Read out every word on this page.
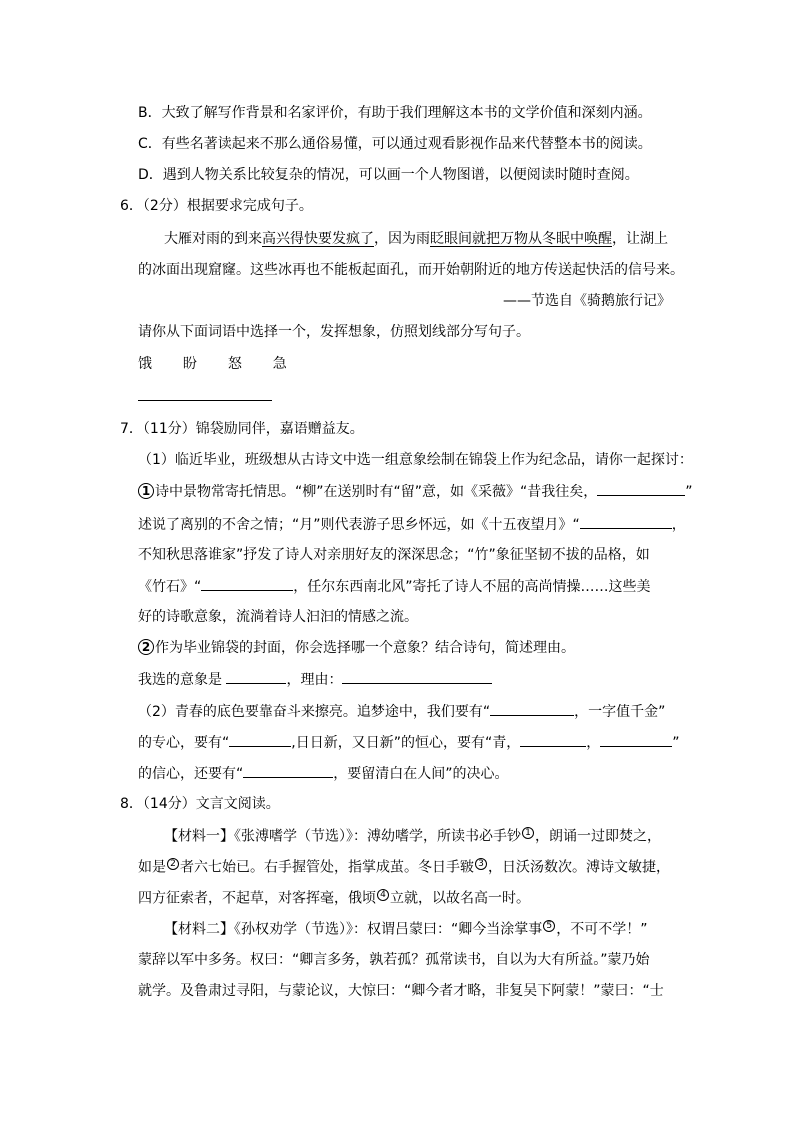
B．大致了解写作背景和名家评价，有助于我们理解这本书的文学价值和深刻内涵。
C．有些名著读起来不那么通俗易懂，可以通过观看影视作品来代替整本书的阅读。
D．遇到人物关系比较复杂的情况，可以画一个人物图谱，以便阅读时随时查阅。
6．（2分）根据要求完成句子。
大雁对雨的到来高兴得快要发疯了，因为雨眨眼间就把万物从冬眠中唤醒，让湖上
的冰面出现窟窿。这些冰再也不能板起面孔，而开始朝附近的地方传送起快活的信号来。
——节选自《骑鹅旅行记》
请你从下面词语中选择一个，发挥想象，仿照划线部分写句子。
饿 盼 怒 急
7．（11分）锦袋励同伴，嘉语赠益友。
（1）临近毕业，班级想从古诗文中选一组意象绘制在锦袋上作为纪念品，请你一起探讨：
1 诗中景物常寄托情思。“柳”在送别时有“留”意，如《采薇》“昔我往矣，	”
述说了离别的不舍之情；“月”则代表游子思乡怀远，如《十五夜望月》“	，
不知秋思落谁家”抒发了诗人对亲朋好友的深深思念；“竹”象征坚韧不拔的品格，如
《竹石》“	，任尔东西南北风”寄托了诗人不屈的高尚情操……这些美
好的诗歌意象，流淌着诗人汩汩的情感之流。
2 作为毕业锦袋的封面，你会选择哪一个意象？结合诗句，简述理由。
我选的意象是	，理由：
（2）青春的底色要靠奋斗来擦亮。追梦途中，我们要有“	，一字值千金”
的专心，要有“	,日日新，又日新”的恒心，要有“青，	，	”
的信心，还要有“	，要留清白在人间”的决心。
8．（14分）文言文阅读。
【材料一】《张溥嗜学（节选）》：溥幼嗜学，所读书必手钞 1 ，朗诵一过即焚之，
如是 2 者六七始已。右手握管处，指掌成茧。冬日手皲 3 ，日沃汤数次。溥诗文敏捷，
四方征索者，不起草，对客挥毫，俄顷 4 立就，以故名高一时。
【材料二】《孙权劝学（节选）》：权谓吕蒙曰：“卿今当涂掌事 5 ，不可不学！”
蒙辞以军中多务。权曰：“卿言多务，孰若孤？孤常读书，自以为大有所益。”蒙乃始
就学。及鲁肃过寻阳，与蒙论议，大惊曰：“卿今者才略，非复吴下阿蒙！”蒙曰：“士
